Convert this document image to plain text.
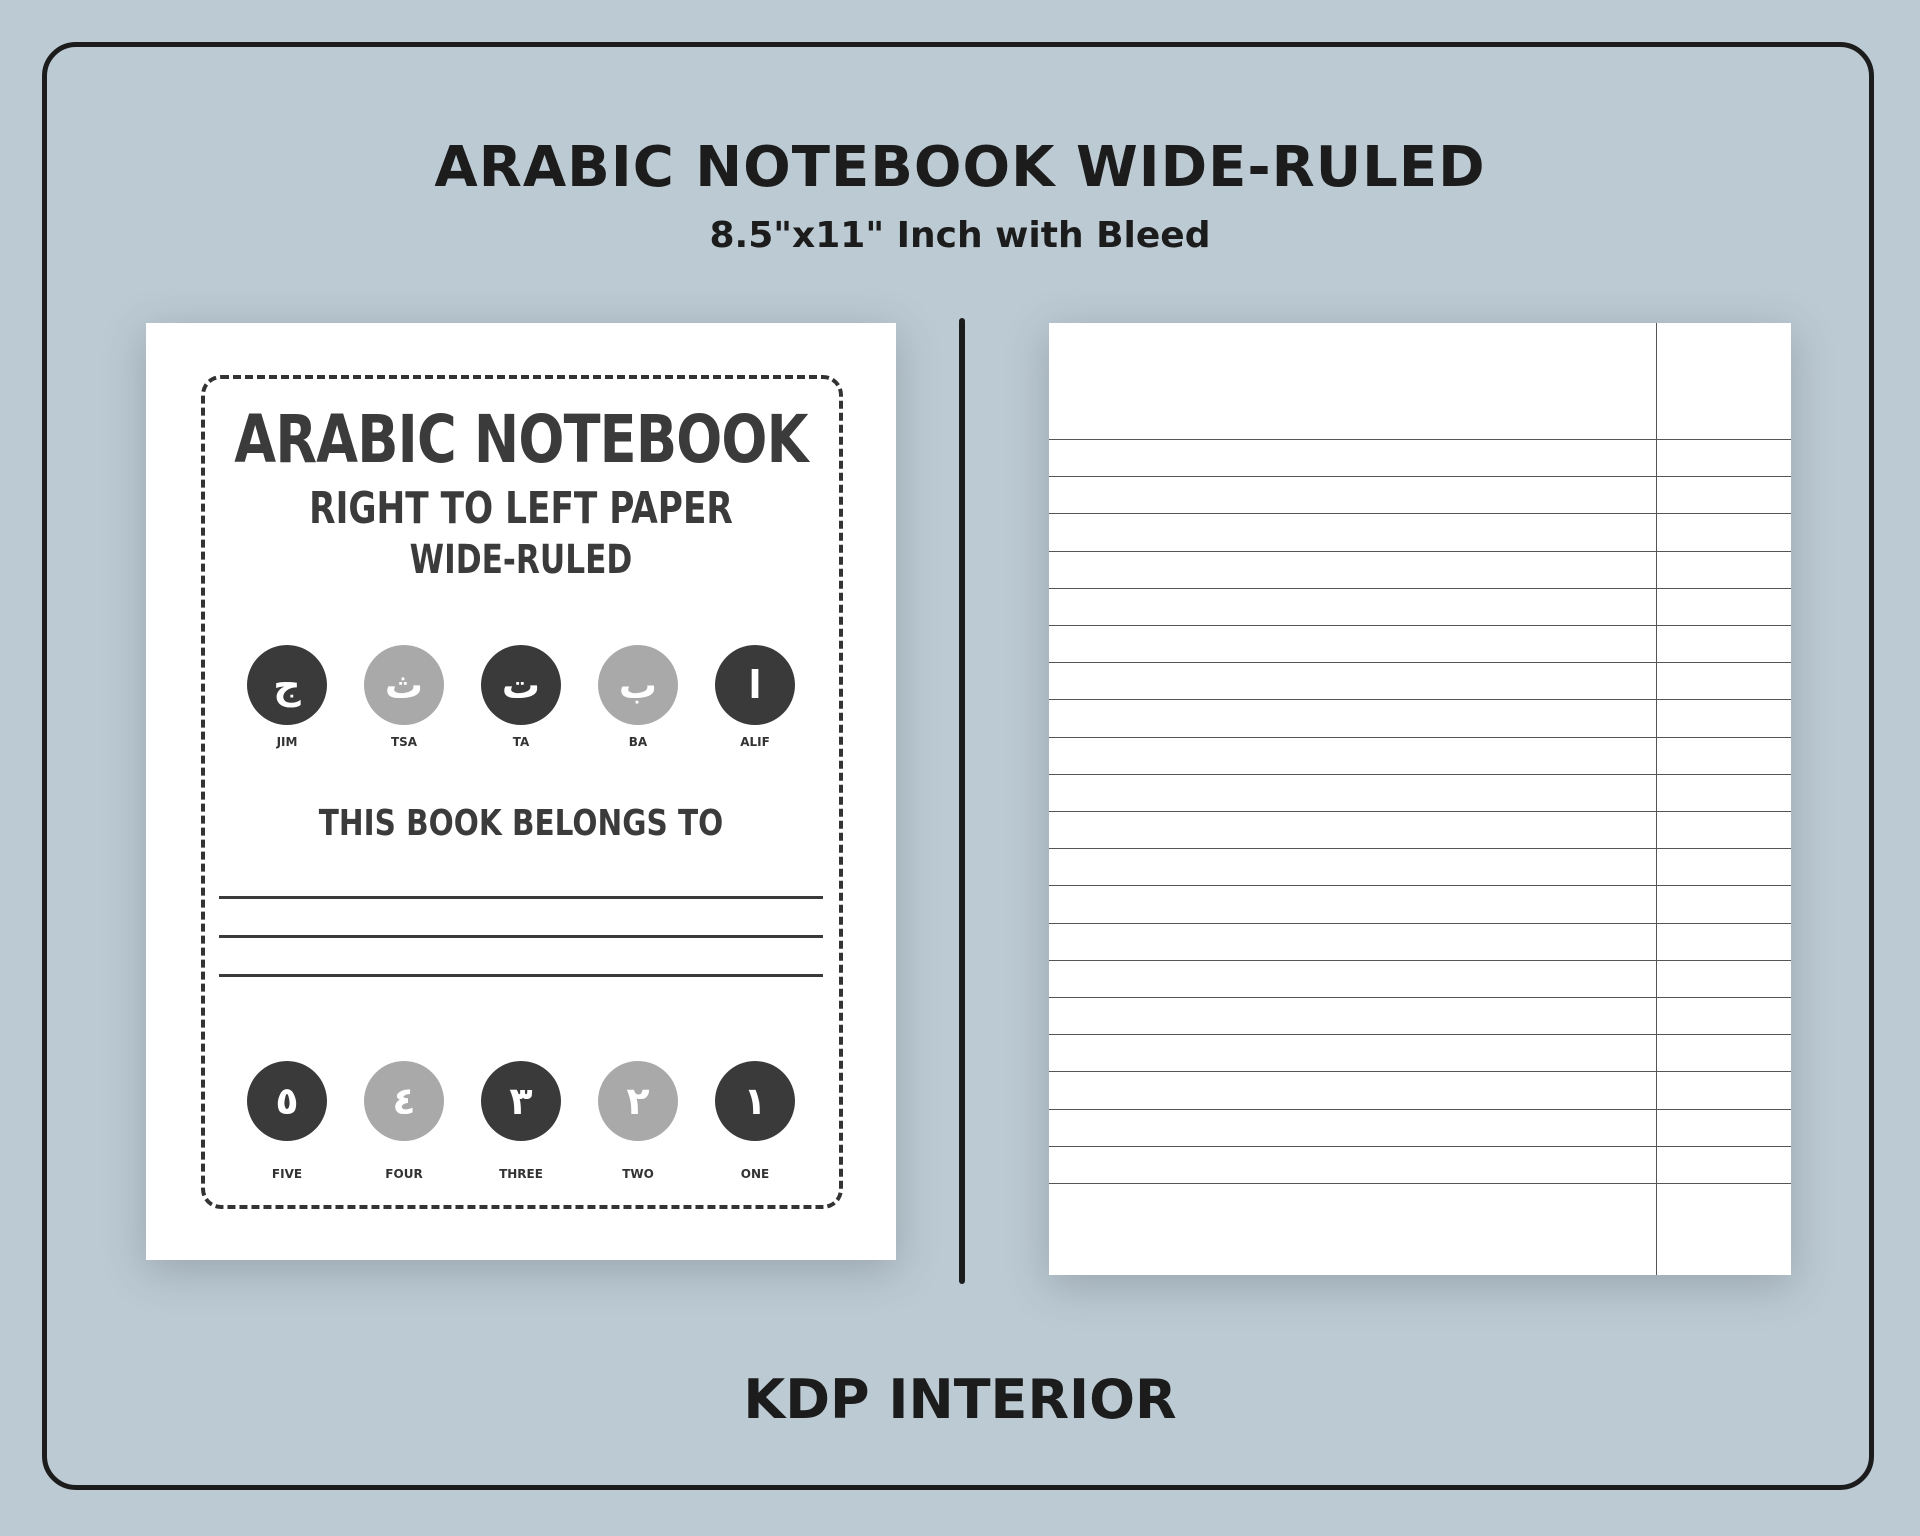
ARABIC NOTEBOOK WIDE-RULED
8.5"x11" Inch with Bleed
ARABIC NOTEBOOK
RIGHT TO LEFT PAPER
WIDE-RULED
ج
JIM
ث
TSA
ت
TA
ب
BA
ا
ALIF
THIS BOOK BELONGS TO
٥
FIVE
٤
FOUR
٣
THREE
٢
TWO
١
ONE
KDP INTERIOR
